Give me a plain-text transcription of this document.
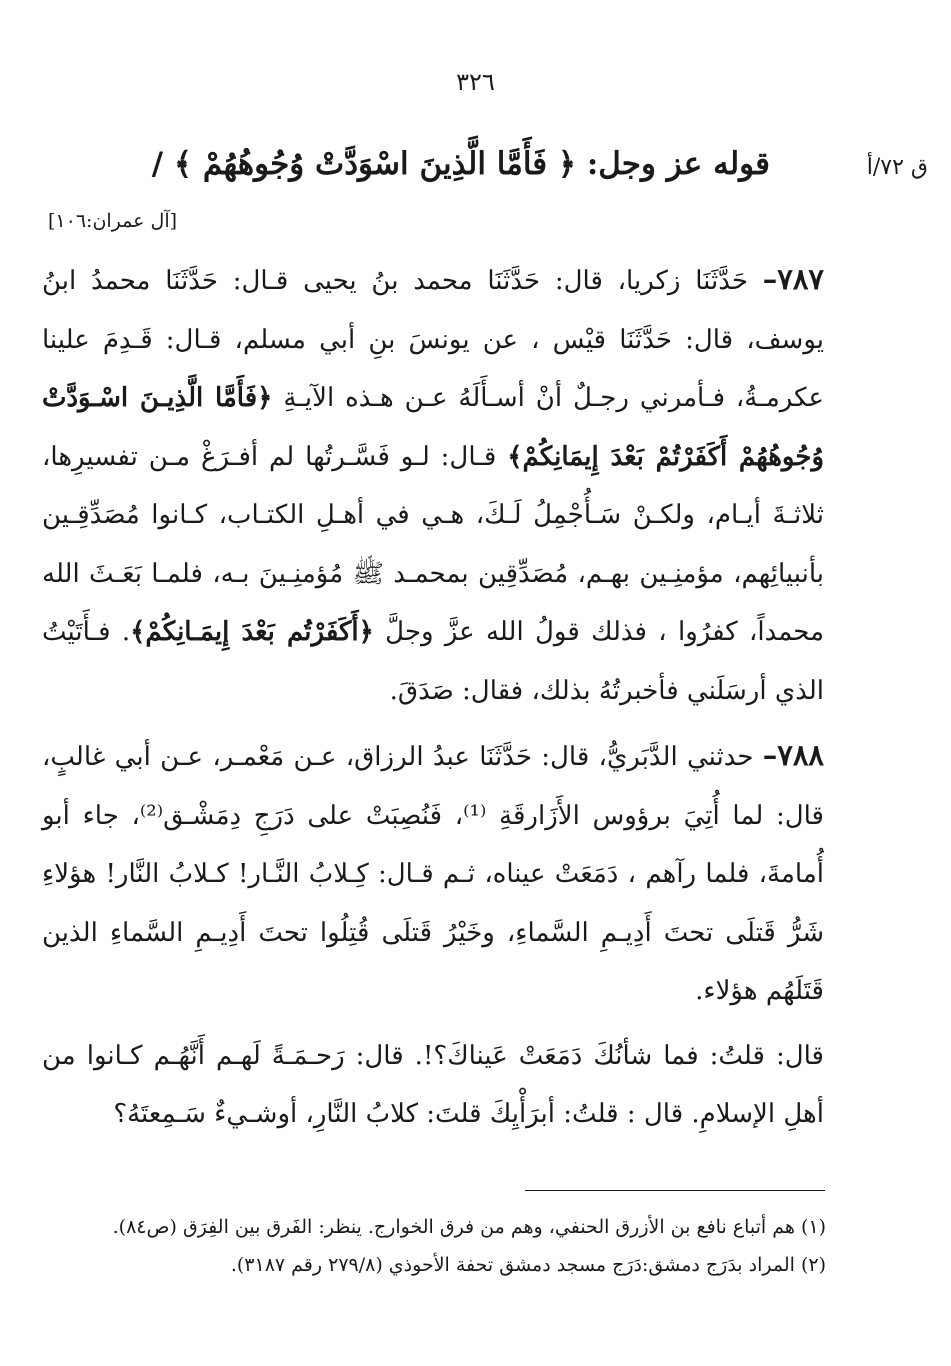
٣٢٦
ق ٧٢/أ
قوله عز وجل: ﴿ فَأَمَّا الَّذِينَ اسْوَدَّتْ وُجُوهُهُمْ ﴾ /
[آل عمران:١٠٦]

٧٨٧– حَدَّثَنَا زكريا، قال: حَدَّثَنَا محمد بنُ يحيى قـال: حَدَّثَنَا محمدُ ابنُ يوسف، قال: حَدَّثَنَا قيْس ، عن يونسَ بنِ أبي مسلم، قـال: قَـدِمَ علينا عكرمـةُ، فـأمرني رجـلٌ أنْ أسـأَلَهُ عـن هـذه الآيـةِ ﴿فَأَمَّا الَّذِيـنَ اسْـوَدَّتْ وُجُوهُهُمْ أَكَفَرْتُمْ بَعْدَ إِيمَانِكُمْ﴾ قـال: لـو فَسَّـرتُها لم أفـرَغْ مـن تفسيرِها، ثلاثـةَ أيـام، ولكـنْ سَـأُجْمِلُ لَـكَ، هـي في أهـلِ الكتـاب، كـانوا مُصَدِّقِـين بأنبيائِهم، مؤمنِـين بهـم، مُصَدِّقِين بمحمـد ﷺ مُؤمنِـينَ بـه، فلمـا بَعَـثَ الله محمداً، كفرُوا ، فذلك قولُ الله عزَّ وجلَّ ﴿أَكَفَرْتُم بَعْدَ إِيمَـانِكُمْ﴾. فـأَتَيْتُ الذي أرسَلَني فأخبرتُهُ بذلك، فقال: صَدَقَ.

٧٨٨– حدثني الدَّبَريُّ، قال: حَدَّثَنَا عبدُ الرزاق، عـن مَعْمـر، عـن أبي غالبٍ، قال: لما أُتِيَ برؤوس الأَزَارقَةِ ⁽¹⁾، فَنُصِبَتْ على دَرَجِ دِمَشْـق⁽²⁾، جاء أبو أُمامةَ، فلما رآهم ، دَمَعَتْ عيناه، ثـم قـال: كِـلابُ النَّـار! كـلابُ النَّار! هؤلاءِ شَرُّ قَتلَى تحتَ أَدِيـمِ السَّماءِ، وخَيْرُ قَتلَى قُتِلُوا تحتَ أَدِيـمِ السَّماءِ الذين قَتَلَهُم هؤلاء.

قال: قلتُ: فما شأنُكَ دَمَعَتْ عَيناكَ؟!. قال: رَحـمَـةً لَهـم أَنَّهُـم كـانوا من أهلِ الإسلامِ. قال : قلتُ: أبرَأْيِكَ قلتَ: كلابُ النَّارِ، أوشـيءٌ سَـمِعتَهُ؟

(١) هم أتباع نافع بن الأزرق الحنفي، وهم من فرق الخوارج. ينظر: الفَرق بين الفِرَق (ص٨٤).

(٢) المراد بدَرَج دمشق:دَرَج مسجد دمشق تحفة الأحوذي (٢٧٩/٨ رقم ٣١٨٧).
